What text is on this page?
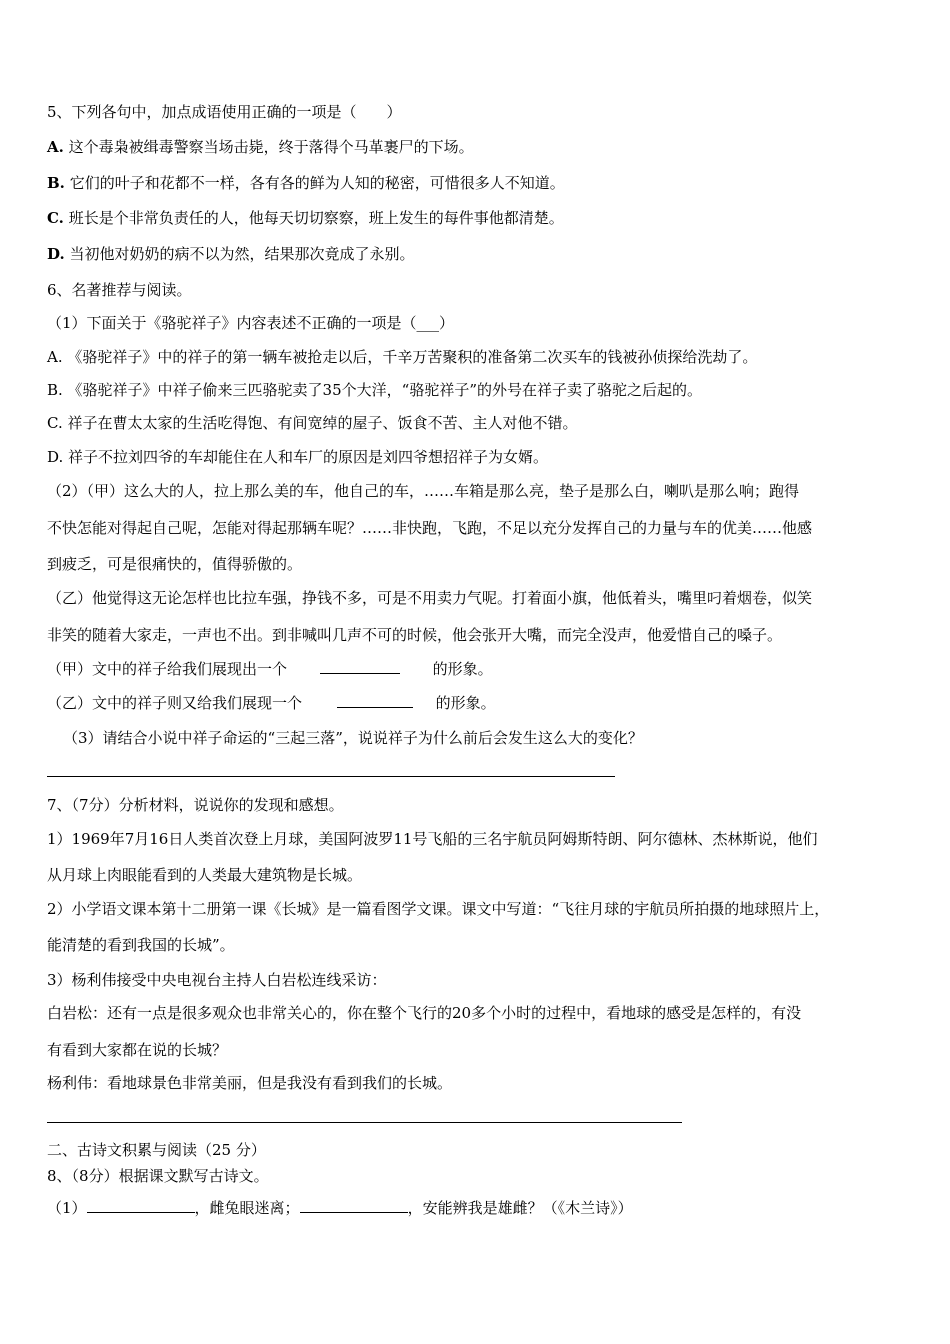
5、下列各句中，加点成语使用正确的一项是（　　）
A. 这个毒枭被缉毒警察当场击毙，终于落得个马革裹尸的下场。
B. 它们的叶子和花都不一样，各有各的鲜为人知的秘密，可惜很多人不知道。
C. 班长是个非常负责任的人，他每天切切察察，班上发生的每件事他都清楚。
D. 当初他对奶奶的病不以为然，结果那次竟成了永别。
6、名著推荐与阅读。
（1）下面关于《骆驼祥子》内容表述不正确的一项是（___）
A. 《骆驼祥子》中的祥子的第一辆车被抢走以后，千辛万苦聚积的准备第二次买车的钱被孙侦探给洗劫了。
B. 《骆驼祥子》中祥子偷来三匹骆驼卖了35个大洋，“骆驼祥子”的外号在祥子卖了骆驼之后起的。
C. 祥子在曹太太家的生活吃得饱、有间宽绰的屋子、饭食不苦、主人对他不错。
D. 祥子不拉刘四爷的车却能住在人和车厂的原因是刘四爷想招祥子为女婿。
（2）（甲）这么大的人，拉上那么美的车，他自己的车，……车箱是那么亮，垫子是那么白，喇叭是那么响；跑得
不快怎能对得起自己呢，怎能对得起那辆车呢？……非快跑，飞跑，不足以充分发挥自己的力量与车的优美……他感
到疲乏，可是很痛快的，值得骄傲的。
（乙）他觉得这无论怎样也比拉车强，挣钱不多，可是不用卖力气呢。打着面小旗，他低着头，嘴里叼着烟卷，似笑
非笑的随着大家走，一声也不出。到非喊叫几声不可的时候，他会张开大嘴，而完全没声，他爱惜自己的嗓子。
（甲）文中的祥子给我们展现出一个	的形象。
（乙）文中的祥子则又给我们展现一个	的形象。
（3）请结合小说中祥子命运的“三起三落”，说说祥子为什么前后会发生这么大的变化？
7、（7分）分析材料，说说你的发现和感想。
1）1969年7月16日人类首次登上月球，美国阿波罗11号飞船的三名宇航员阿姆斯特朗、阿尔德林、杰林斯说，他们
从月球上肉眼能看到的人类最大建筑物是长城。
2）小学语文课本第十二册第一课《长城》是一篇看图学文课。课文中写道：“飞往月球的宇航员所拍摄的地球照片上，
能清楚的看到我国的长城”。
3）杨利伟接受中央电视台主持人白岩松连线采访：
白岩松：还有一点是很多观众也非常关心的，你在整个飞行的20多个小时的过程中，看地球的感受是怎样的，有没
有看到大家都在说的长城？
杨利伟：看地球景色非常美丽，但是我没有看到我们的长城。
二、古诗文积累与阅读（25 分）
8、（8分）根据课文默写古诗文。
（1）	，雌兔眼迷离；	，安能辨我是雄雌？（《木兰诗》）
